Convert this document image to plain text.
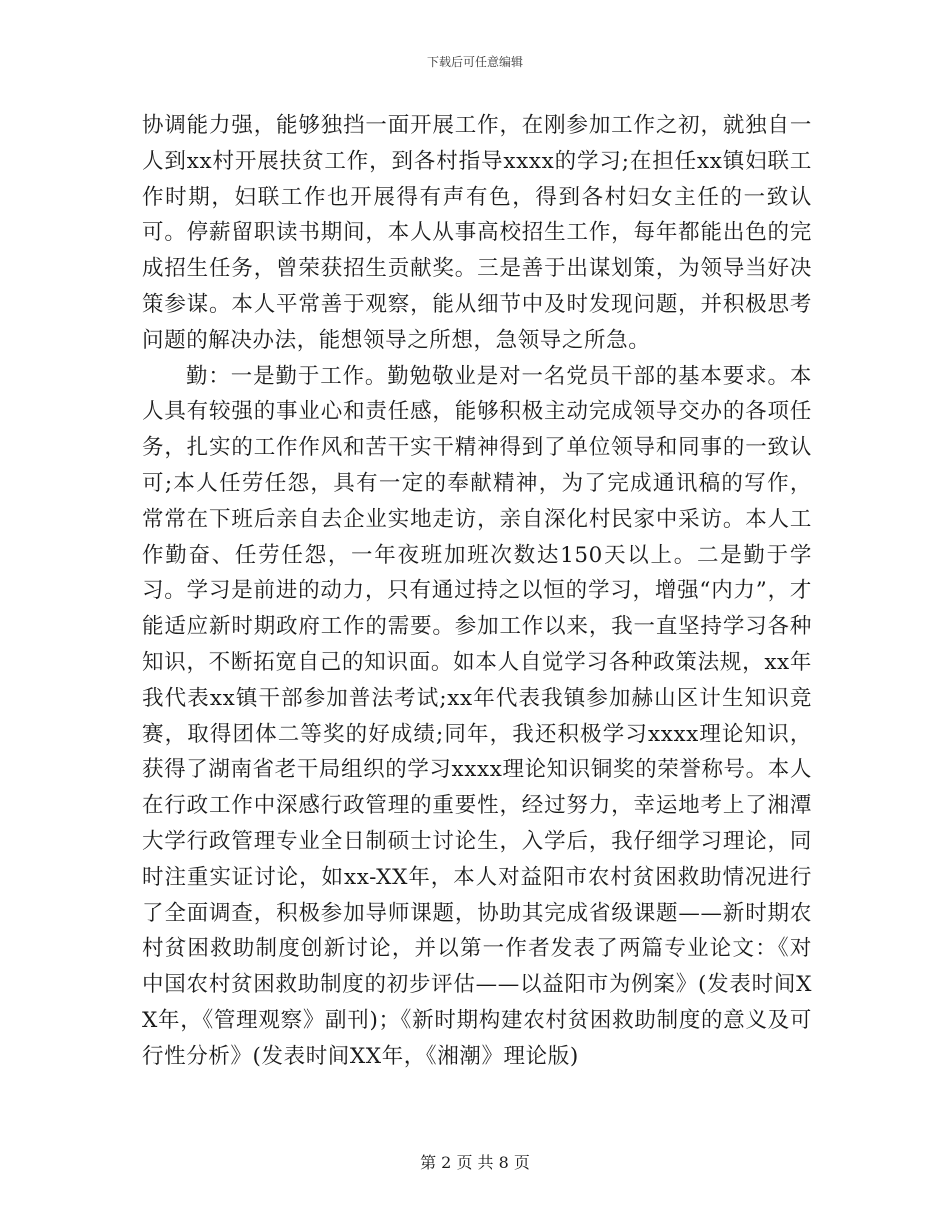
下载后可任意编辑

协调能力强，能够独挡一面开展工作，在刚参加工作之初，就独自一人到xx村开展扶贫工作，到各村指导xxxx的学习;在担任xx镇妇联工作时期，妇联工作也开展得有声有色，得到各村妇女主任的一致认可。停薪留职读书期间，本人从事高校招生工作，每年都能出色的完成招生任务，曾荣获招生贡献奖。三是善于出谋划策，为领导当好决策参谋。本人平常善于观察，能从细节中及时发现问题，并积极思考问题的解决办法，能想领导之所想，急领导之所急。

勤：一是勤于工作。勤勉敬业是对一名党员干部的基本要求。本人具有较强的事业心和责任感，能够积极主动完成领导交办的各项任务，扎实的工作作风和苦干实干精神得到了单位领导和同事的一致认可;本人任劳任怨，具有一定的奉献精神，为了完成通讯稿的写作，常常在下班后亲自去企业实地走访，亲自深化村民家中采访。本人工作勤奋、任劳任怨，一年夜班加班次数达150天以上。二是勤于学习。学习是前进的动力，只有通过持之以恒的学习，增强“内力”，才能适应新时期政府工作的需要。参加工作以来，我一直坚持学习各种知识，不断拓宽自己的知识面。如本人自觉学习各种政策法规，xx年我代表xx镇干部参加普法考试;xx年代表我镇参加赫山区计生知识竞赛，取得团体二等奖的好成绩;同年，我还积极学习xxxx理论知识，获得了湖南省老干局组织的学习xxxx理论知识铜奖的荣誉称号。本人在行政工作中深感行政管理的重要性，经过努力，幸运地考上了湘潭大学行政管理专业全日制硕士讨论生，入学后，我仔细学习理论，同时注重实证讨论，如xx-XX年，本人对益阳市农村贫困救助情况进行了全面调查，积极参加导师课题，协助其完成省级课题——新时期农村贫困救助制度创新讨论，并以第一作者发表了两篇专业论文：《对中国农村贫困救助制度的初步评估——以益阳市为例案》(发表时间XX年，《管理观察》副刊)；《新时期构建农村贫困救助制度的意义及可行性分析》(发表时间XX年，《湘潮》理论版)

第 2 页 共 8 页
